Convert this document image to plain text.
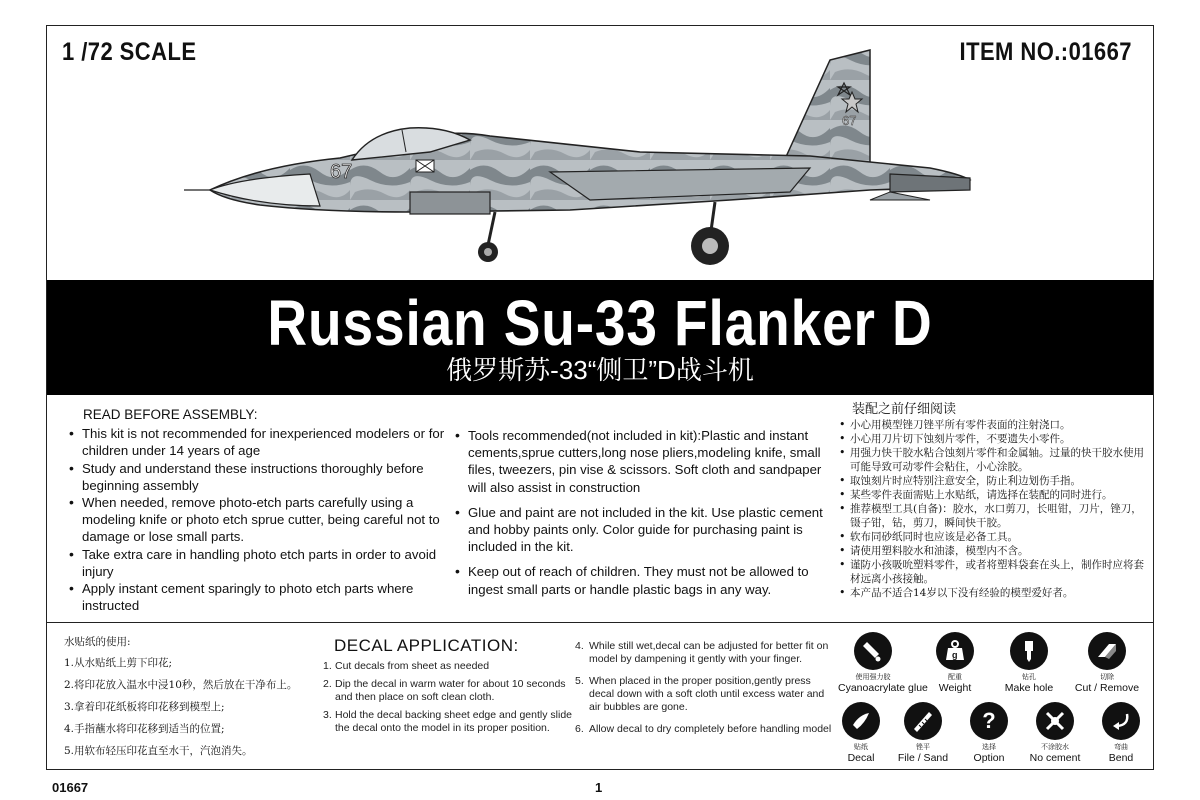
1 /72 SCALE	ITEM NO.:01667
67
67
Russian Su-33 Flanker D
俄罗斯苏-33“侧卫”D战斗机
READ BEFORE ASSEMBLY:
• This kit is not recommended for inexperienced modelers or for children under 14 years of age
• Study and understand these instructions thoroughly before beginning assembly
• When needed, remove photo-etch parts carefully using a modeling knife or photo etch sprue cutter, being careful not to damage or lose small parts.
• Take extra care in handling photo etch parts in order to avoid injury
• Apply instant cement sparingly to photo etch parts where instructed
• Tools recommended(not included in kit):Plastic and instant cements,sprue cutters,long nose pliers,modeling knife, small files, tweezers, pin vise & scissors. Soft cloth and sandpaper will also assist in construction
• Glue and paint are not included in the kit. Use plastic cement and hobby paints only. Color guide for purchasing paint is included in the kit.
• Keep out of reach of children. They must not be allowed to ingest small parts or handle plastic bags in any way.
装配之前仔细阅读
• 小心用模型锉刀锉平所有零件表面的注射浇口。
• 小心用刀片切下蚀刻片零件，不要遗失小零件。
• 用强力快干胶水粘合蚀刻片零件和金属轴。过量的快干胶水使用可能导致可动零件会粘住，小心涂胶。
• 取蚀刻片时应特别注意安全，防止利边划伤手指。
• 某些零件表面需贴上水贴纸，请选择在装配的同时进行。
• 推荐模型工具(自备)：胶水，水口剪刀，长咀钳，刀片，锉刀，镊子钳，钻，剪刀，瞬间快干胶。
• 软布同砂纸同时也应该是必备工具。
• 请使用塑料胶水和油漆，模型内不含。
• 谨防小孩吸吮塑料零件，或者将塑料袋套在头上，制作时应将套材远离小孩接触。
• 本产品不适合14岁以下没有经验的模型爱好者。
水贴纸的使用:
1.从水贴纸上剪下印花;
2.将印花放入温水中浸10秒，然后放在干净布上。
3.拿着印花纸板将印花移到模型上;
4.手指蘸水将印花移到适当的位置;
5.用软布轻压印花直至水干，汽泡消失。
DECAL APPLICATION:
1. Cut decals from sheet as needed
2. Dip the decal in warm water for about 10 seconds and then place on soft clean cloth.
3. Hold the decal backing sheet edge and gently slide the decal onto the model in its proper position.
4. While still wet,decal can be adjusted for better fit on model by dampening it gently with your finger.
5. When placed in the proper position,gently press decal down with a soft cloth until excess water and air bubbles are gone.
6. Allow decal to dry completely before handling model
使用强力胶
Cyanoacrylate glue
g
配重
Weight
钻孔
Make hole
切除
Cut / Remove
贴纸
Decal
锉平
File / Sand
?
选择
Option
不涂胶水
No cement
弯曲
Bend
01667	1
